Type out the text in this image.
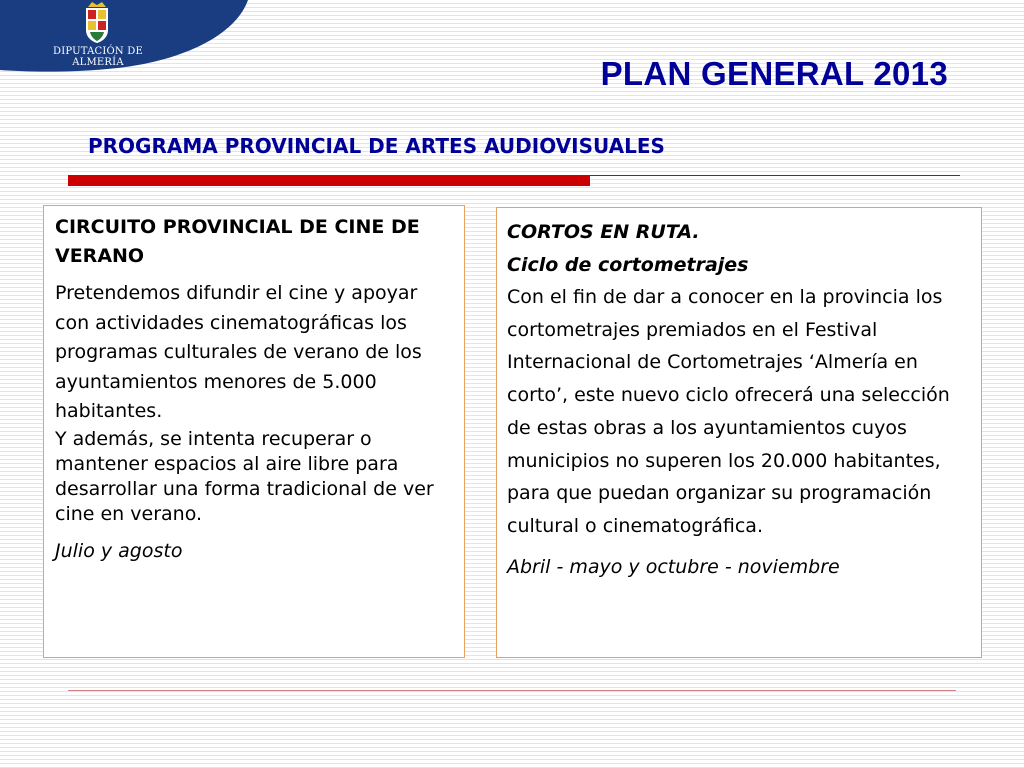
DIPUTACIÓN DE ALMERÍA	PLAN GENERAL 2013
PROGRAMA PROVINCIAL DE ARTES AUDIOVISUALES

CIRCUITO PROVINCIAL DE CINE DE VERANO

Pretendemos difundir el cine y apoyar con actividades cinematográficas los programas culturales de verano de los ayuntamientos menores de 5.000 habitantes.

Y además, se intenta recuperar o mantener espacios al aire libre para desarrollar una forma tradicional de ver cine en verano.

Julio y agosto

CORTOS EN RUTA.

Ciclo de cortometrajes

Con el fin de dar a conocer en la provincia los cortometrajes premiados en el Festival Internacional de Cortometrajes ‘Almería en corto’, este nuevo ciclo ofrecerá una selección de estas obras a los ayuntamientos cuyos municipios no superen los 20.000 habitantes, para que puedan organizar su programación cultural o cinematográfica.

Abril - mayo y octubre - noviembre
